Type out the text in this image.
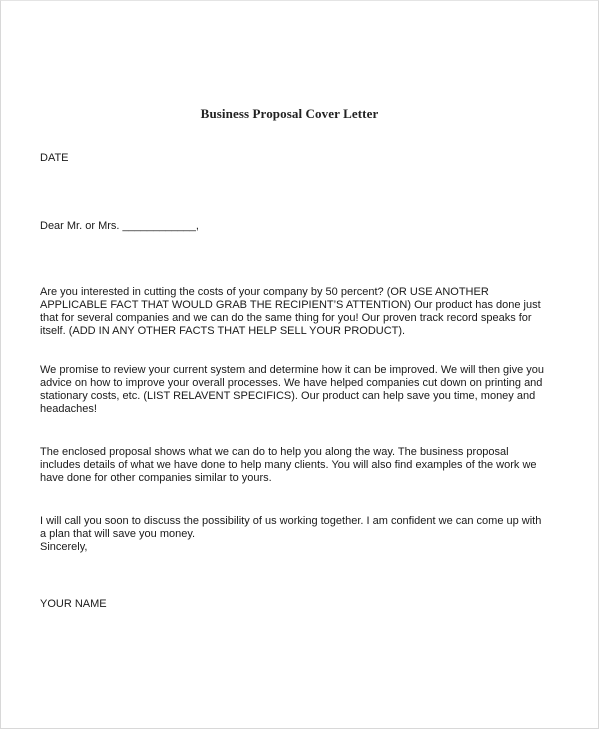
Business Proposal Cover Letter

DATE

Dear Mr. or Mrs. ____________,

Are you interested in cutting the costs of your company by 50 percent? (OR USE ANOTHER
APPLICABLE FACT THAT WOULD GRAB THE RECIPIENT’S ATTENTION) Our product has done just
that for several companies and we can do the same thing for you! Our proven track record speaks for
itself. (ADD IN ANY OTHER FACTS THAT HELP SELL YOUR PRODUCT).

We promise to review your current system and determine how it can be improved. We will then give you
advice on how to improve your overall processes. We have helped companies cut down on printing and
stationary costs, etc. (LIST RELAVENT SPECIFICS). Our product can help save you time, money and
headaches!

The enclosed proposal shows what we can do to help you along the way. The business proposal
includes details of what we have done to help many clients. You will also find examples of the work we
have done for other companies similar to yours.

I will call you soon to discuss the possibility of us working together. I am confident we can come up with
a plan that will save you money.
Sincerely,

YOUR NAME
